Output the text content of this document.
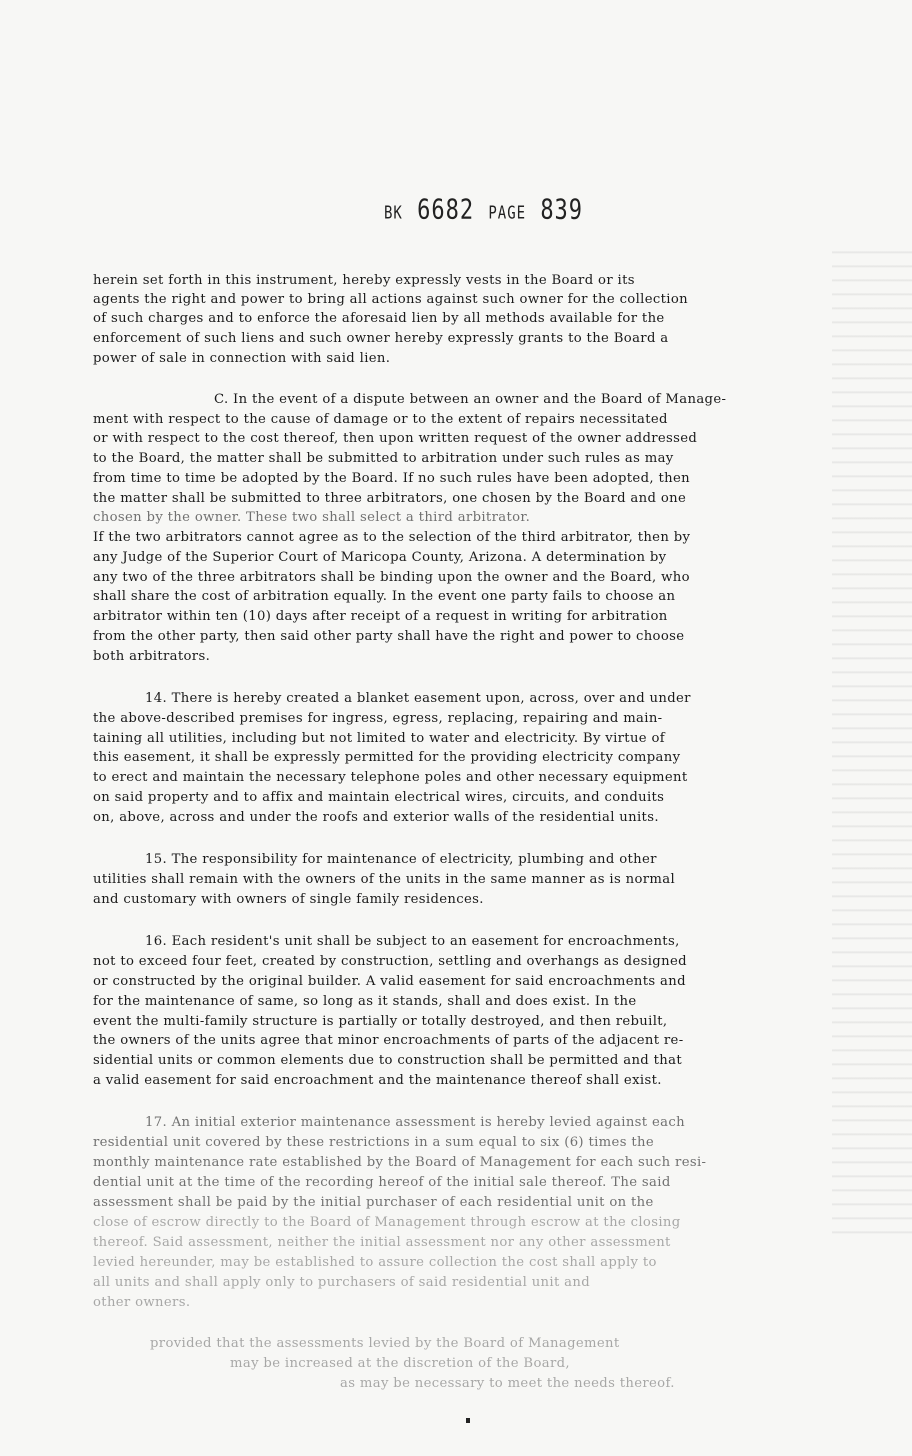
BK 6682 PAGE 839
herein set forth in this instrument, hereby expressly vests in the Board or its
agents the right and power to bring all actions against such owner for the collection
of such charges and to enforce the aforesaid lien by all methods available for the
enforcement of such liens and such owner hereby expressly grants to the Board a
power of sale in connection with said lien.
C. In the event of a dispute between an owner and the Board of Manage-
ment with respect to the cause of damage or to the extent of repairs necessitated
or with respect to the cost thereof, then upon written request of the owner addressed
to the Board, the matter shall be submitted to arbitration under such rules as may
from time to time be adopted by the Board. If no such rules have been adopted, then
the matter shall be submitted to three arbitrators, one chosen by the Board and one
chosen by the owner. These two shall select a third arbitrator.
If the two arbitrators cannot agree as to the selection of the third arbitrator, then by
any Judge of the Superior Court of Maricopa County, Arizona. A determination by
any two of the three arbitrators shall be binding upon the owner and the Board, who
shall share the cost of arbitration equally. In the event one party fails to choose an
arbitrator within ten (10) days after receipt of a request in writing for arbitration
from the other party, then said other party shall have the right and power to choose
both arbitrators.
14. There is hereby created a blanket easement upon, across, over and under
the above-described premises for ingress, egress, replacing, repairing and main-
taining all utilities, including but not limited to water and electricity. By virtue of
this easement, it shall be expressly permitted for the providing electricity company
to erect and maintain the necessary telephone poles and other necessary equipment
on said property and to affix and maintain electrical wires, circuits, and conduits
on, above, across and under the roofs and exterior walls of the residential units.
15. The responsibility for maintenance of electricity, plumbing and other
utilities shall remain with the owners of the units in the same manner as is normal
and customary with owners of single family residences.
16. Each resident's unit shall be subject to an easement for encroachments,
not to exceed four feet, created by construction, settling and overhangs as designed
or constructed by the original builder. A valid easement for said encroachments and
for the maintenance of same, so long as it stands, shall and does exist. In the
event the multi-family structure is partially or totally destroyed, and then rebuilt,
the owners of the units agree that minor encroachments of parts of the adjacent re-
sidential units or common elements due to construction shall be permitted and that
a valid easement for said encroachment and the maintenance thereof shall exist.
17. An initial exterior maintenance assessment is hereby levied against each
residential unit covered by these restrictions in a sum equal to six (6) times the
monthly maintenance rate established by the Board of Management for each such resi-
dential unit at the time of the recording hereof of the initial sale thereof. The said
assessment shall be paid by the initial purchaser of each residential unit on the
close of escrow directly to the Board of Management through escrow at the closing
thereof. Said assessment, neither the initial assessment nor any other assessment
levied hereunder, may be established to assure collection the cost shall apply to
all units and shall apply only to purchasers of said residential unit and
other owners.
provided that the assessments levied by the Board of Management
may be increased at the discretion of the Board,
as may be necessary to meet the needs thereof.
